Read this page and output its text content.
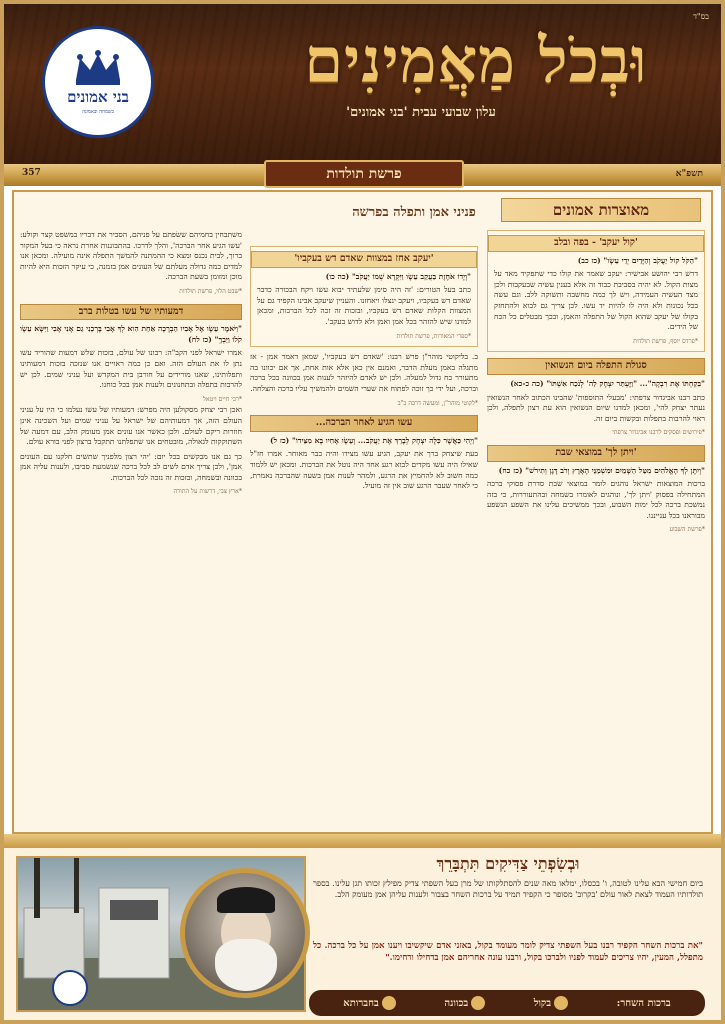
בס"ד
וּבְכֹל מַאֲמִינִים
עלון שבועי עבית 'בני אמונים'
בני אמונים
בשמחה ובאמונה
357	תשפ"א
פרשת תולדות
מאוצרות אמונים
פניני אמן ותפלה בפרשה
'קול יעקב' - בפה ובלב
"הַקֹּל קוֹל יַעֲקֹב וְהַיָּדַיִם יְדֵי עֵשָׂו" (כז כב)
דרש רבי יהושע אבישיר: יעקב שאמר את קולו כדי שתפקיד מאד על מצות הקול. לא יהיה בסביבת כבוד זה אלא בענין עשיה שבעקבות ולכן מצד העשיה העמידה, ויש לך כמה מחשבה ותשוקה ללב. וגם עשה בכל נכונות ולא היה לו להיות יד עשו. לכן צריך גם לבוא ולהתחזק בקולו של יעקב שהוא הקול של התפלה והאמן, ובכך מבטלים כל הכח של הידים.
*פרדס יוסף, פרשת תולדות
סגולת התפלה ביום הנשואין
"בִּקַחְתּוֹ אֶת רִבְקָה"... "וַיֶּעְתַּר יִצְחָק לַה' לְנֹכַח אִשְׁתּוֹ" (כה כ-כא)
כתב רבנו אביגדור צרפתי: 'מבעלי התוספות' שהבינו הכתוב לאחר הנשואין נעתר יצחק להי', ומכאן למדנו שיום הנשואין הוא עת רצון לתפלה, ולכן ראוי להרבות בתפלות ובקשות ביום זה.
*פירושים ופסקים לרבנו אביגדור צרפתי
'ויתן לך' במוצאי שבת
"וְיִתֶּן לְךָ הָאֱלֹהִים מִטַּל הַשָּׁמַיִם וּמִשְׁמַנֵּי הָאָרֶץ וְרֹב דָּגָן וְתִירֹשׁ" (כז כח)
ברכות המוצאות ישראל נוהגים לומר במוצאי שבת סדרת פסוקי ברכה המתחילה בפסוק 'ויתן לך', ונוהגים לאומרו בשמחה ובהתעוררות, כי בזה נמשכת ברכה לכל ימות השבוע, ובכך ממשיכים עלינו את השפע הנשפע מבוראנו בכל ענייננו.
*פרשת השבוע
'יעקב אחז במצוות שאדם דש בעקביו'
"וְיָדוֹ אֹחֶזֶת בַּעֲקֵב עֵשָׂו וַיִּקְרָא שְׁמוֹ יַעֲקֹב" (כה כו)
כתב בעל הטורים: 'זה היה סימן שלעתיד יבוא עשו ויקח הבכורה כדבר שאדם דש בעקביו, ויעקב ינצלו ויאחזנו. והעניין שיעקב אבינו הקפיד גם על המצוות הקלות שאדם דש בעקביו, ובזכות זה זכה לכל הברכות, ומכאן למדנו שיש להזהר בכל אמן ואמן ולא לדוש בעקב'.
*ספרי המאורות, פרשת תולדות
ב. בליקוטי מוהר"ן פרש רבנו: 'שאדם דש בעקביו', שמאן דאמר אמן - אז מתגלה באמן מעלת הדבר, ואמנם אין כאן אלא אות אחת, אך אם יכוונו בה מתעורר כח גדול למעלה. ולכן יש לאדם להיזהר לענות אמן בכוונה בכל ברכה וברכה, ועל ידי כך זוכה לפתוח את שערי השמים ולהמשיך עליו ברכה והצלחה.
*לקוטי מוהר"ן, ומעשה דרבה ב"ב
עשו הגיע לאחר הברכה...
"וַיְהִי כַּאֲשֶׁר כִּלָּה יִצְחָק לְבָרֵךְ אֶת יַעֲקֹב... וְעֵשָׂו אָחִיו בָּא מִצֵּידוֹ" (כז ל)
בעת שיצחק ברך את יעקב, הגיע עשו מצידו והיה כבר מאוחר. אמרו חז"ל שאילו היה עשו מקדים לבוא רגע אחד היה נוטל את הברכות. ומכאן יש ללמוד כמה חשוב לא להחמיץ את הרגע, ולמהר לענות אמן בשעה שהברכה נאמרת, כי לאחר שעבר הרגע שוב אין זה מועיל.
משתבחין בחמיהם ששׂפתם על פניהם, הסביר את דבריו במשפט קצר וקולע: 'עשו הגיע אחר הברכה', והלך לדרכו. בהתבוננות אחרת נראה כי בעל המקור ברוך, לבית נכנס ומצא כי ההמתנה להמשך התפלה אינה מועילה. ומכאן אנו למדים כמה גדולה מעלתם של העונים אמן בזמנה, כי עיקר הזכות היא להיות מוכן ומזומן בשעת הברכה.
*שבט הלוי, פרשת תולדות
דמעותיו של עשו בטלות ברב
"וַיֹּאמֶר עֵשָׂו אֶל אָבִיו הַבְרָכָה אַחַת הִוא לְךָ אָבִי בָּרְכֵנִי גַם אָנִי אָבִי וַיִּשָּׂא עֵשָׂו קֹלוֹ וַיֵּבְךְּ" (כז לח)
אמרו ישראל לפני הקב"ה: רבונו של עולם, בזכות שלש דמעות שהוריד עשו נתן לו את העולם הזה. ואם כן כמה ראויים אנו שנזכה בזכות דמעותינו ותפלותינו, שאנו מורידים על חורבן בית המקדש ועל עניני שמים. לכן יש להרבות בתפלה ובתחנונים ולענות אמן בכל כוחנו.
*רבי חיים ויטאל
ואכן רבי יצחק מסקולען היה מפרש: דמעותיו של עשו נעלמו כי היו על עניני העולם הזה, אך דמעותיהם של ישראל על עניני שמים ועל השכינה אינן חוזרות ריקם לעולם. ולכן כאשר אנו עונים אמן מעומק הלב, עם דמעה של השתוקקות לגאולה, מובטחים אנו שתפלתנו תתקבל ברצון לפני בורא עולם.
כך גם אנו מבקשים בכל יום: 'יהי רצון מלפניך שתשים חלקנו עם העונים אמן', ולכן צריך אדם לשים לב לכל ברכה שנשמעת סביבו, ולענות עליה אמן בכוונה ובשמחה, ובזכות זה נזכה לכל הברכות.
*ארץ צבי, דרשות על התורה
וּבְשִׂפְתֵי צַדִּיקִים תִּתְבָּרֵךְ
ביום חמישי הבא עלינו לטובה, ו' בכסלו, ימלאו מאה שנים להסתלקותו של מרן בעל השפתי צדיק מפילץ זכותו תגן עלינו. בספר תולדותיו העמוד לצאת לאור עולם 'בקרוב' מסופר כי הקפיד תמיד על ברכות השחר בצבור ולענות עליהן אמן מעומק הלב.
"את ברכות השחר הקפיד רבנו בעל השפתי צדיק לומר מעומד בקול, באזני אדם שיקשיבו ויענו אמן על כל ברכה. כל מתפלל, המעין, יהיו צריכים לעמוד לפניו ולברכו בקול, ורבנו עונה אחריהם אמן בדחילו ורחימו."
ברכות השחר:
בקול
בכוונה
בחברותא
